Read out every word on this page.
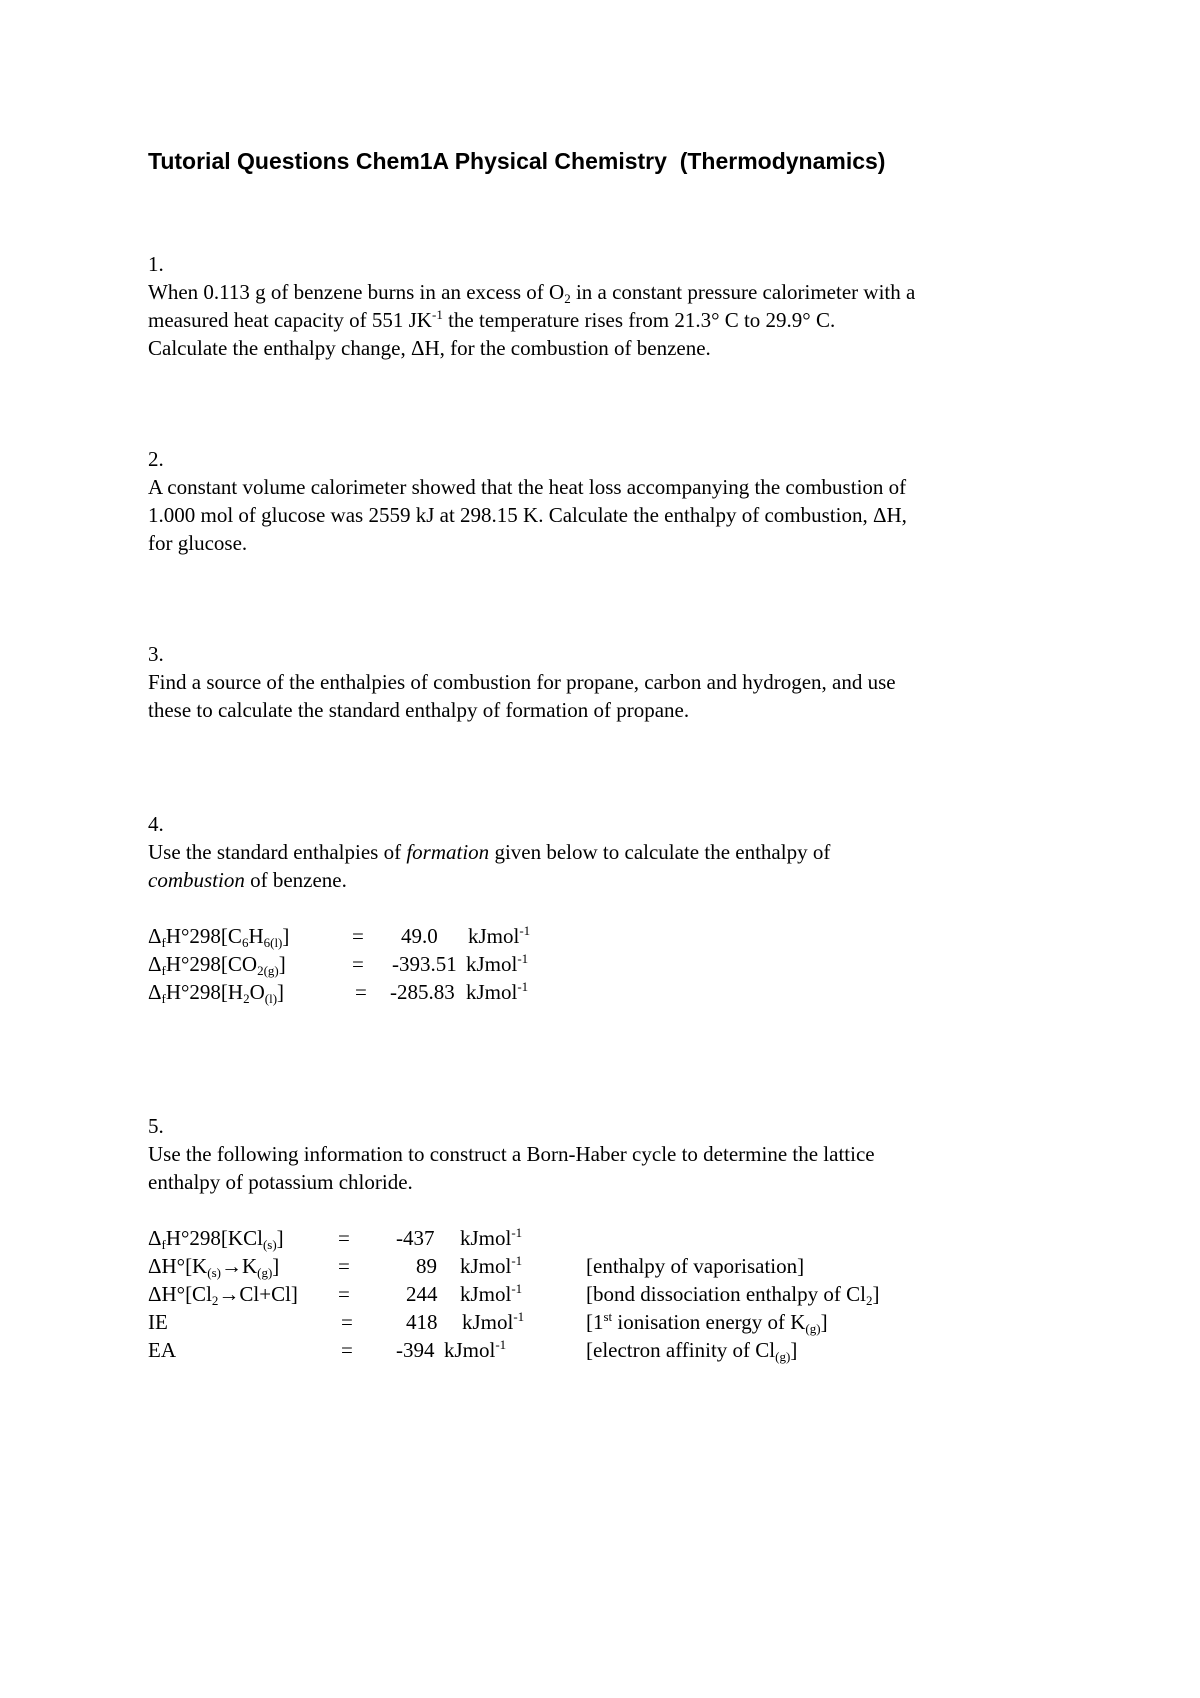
Tutorial Questions Chem1A Physical Chemistry  (Thermodynamics)
1.

When 0.113 g of benzene burns in an excess of $O_2$ in a constant pressure calorimeter with a

measured heat capacity of 551 $JK^{-1}$ the temperature rises from 21.3° C to 29.9° C.

Calculate the enthalpy change, ΔH, for the combustion of benzene.

2.

A constant volume calorimeter showed that the heat loss accompanying the combustion of

1.000 mol of glucose was 2559 kJ at 298.15 K. Calculate the enthalpy of combustion, ΔH,

for glucose.

3.

Find a source of the enthalpies of combustion for propane, carbon and hydrogen, and use

these to calculate the standard enthalpy of formation of propane.

4.

Use the standard enthalpies of formation given below to calculate the enthalpy of

combustion of benzene.

$\Delta_fH^\circ 298[C_6H_{6(l)}]$	= 49.0 kJmol$^{-1}$
$\Delta_fH^\circ 298[CO_{2(g)}]$	= -393.51 kJmol$^{-1}$
$\Delta_fH^\circ 298[H_2O_{(l)}]$	= -285.83 kJmol$^{-1}$
5.

Use the following information to construct a Born-Haber cycle to determine the lattice

enthalpy of potassium chloride.

$\Delta_fH^\circ 298[KCl_{(s)}]$	= -437 kJmol$^{-1}$
$\Delta H^\circ[K_{(s)}\to K_{(g)}]$	=	89 kJmol$^{-1}$	[enthalpy of vaporisation]
$\Delta H^\circ[Cl_2\to Cl+Cl]$ =	244 kJmol$^{-1}$	[bond dissociation enthalpy of $Cl_2$]
IE	=	418 kJmol$^{-1}$	[1st ionisation energy of $K_{(g)}$]
EA	= -394 kJmol$^{-1}$	[electron affinity of $Cl_{(g)}$]
